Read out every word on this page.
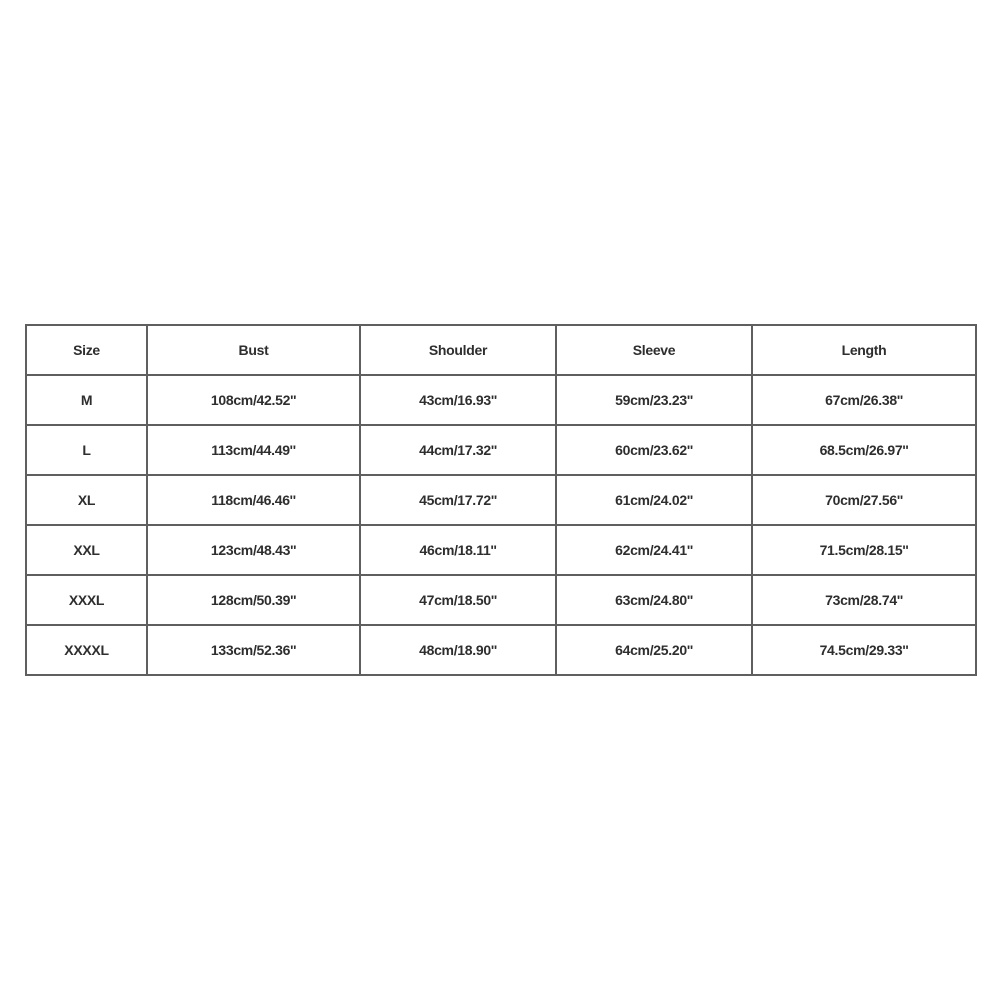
Size	Bust	Shoulder	Sleeve	Length
M	108cm/42.52''	43cm/16.93''	59cm/23.23''	67cm/26.38''
L	113cm/44.49''	44cm/17.32''	60cm/23.62''	68.5cm/26.97''
XL	118cm/46.46''	45cm/17.72''	61cm/24.02''	70cm/27.56''
XXL	123cm/48.43''	46cm/18.11''	62cm/24.41''	71.5cm/28.15''
XXXL	128cm/50.39''	47cm/18.50''	63cm/24.80''	73cm/28.74''
XXXXL	133cm/52.36''	48cm/18.90''	64cm/25.20''	74.5cm/29.33''
